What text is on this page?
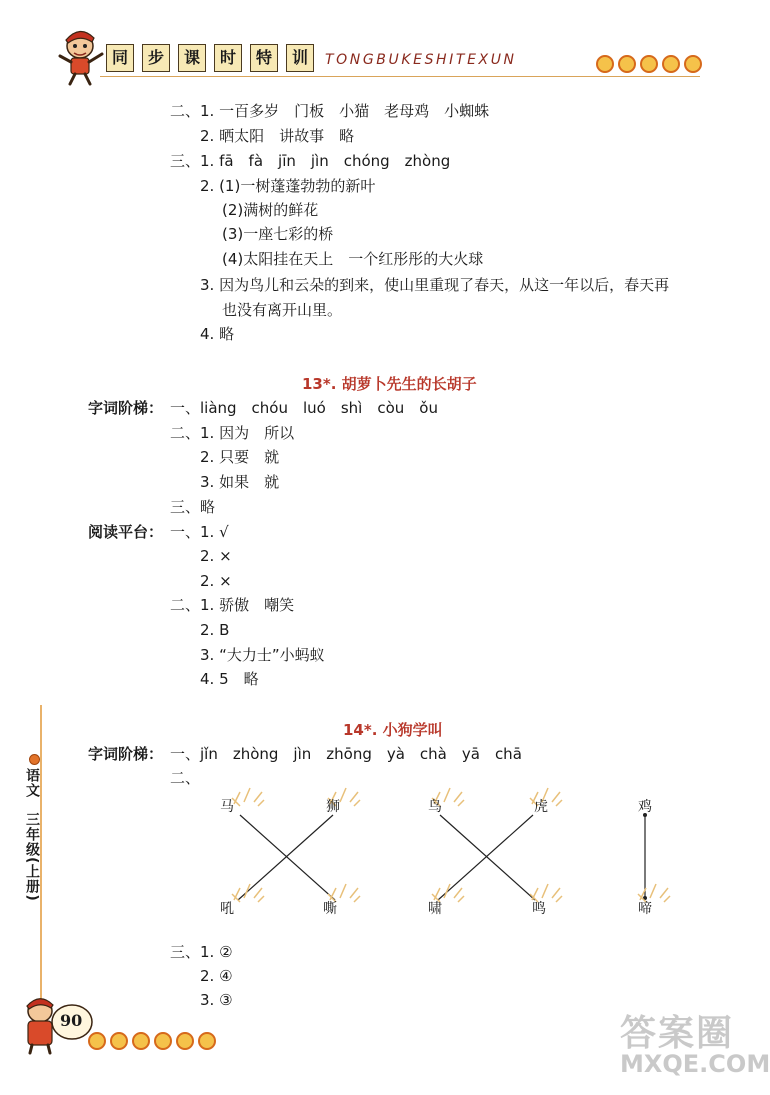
同	步	课	时	特	训	TONGBUKESHITEXUN
二、1. 一百多岁　门板　小猫　老母鸡　小蜘蛛
2. 晒太阳　讲故事　略
三、1. fā　fà　jīn　jìn　chóng　zhòng
2. (1)一树蓬蓬勃勃的新叶
(2)满树的鲜花
(3)一座七彩的桥
(4)太阳挂在天上　一个红彤彤的大火球
3. 因为鸟儿和云朵的到来，使山里重现了春天，从这一年以后，春天再
也没有离开山里。
4. 略
13*. 胡萝卜先生的长胡子
字词阶梯： 一、liàng　chóu　luó　shì　còu　ǒu
二、1. 因为　所以
2. 只要　就
3. 如果　就
三、略
阅读平台： 一、1. √
2. ×
2. ×
二、1. 骄傲　嘲笑
2. B
3. “大力士”小蚂蚁
4. 5　略
14*. 小狗学叫
字词阶梯： 一、jǐn　zhòng　jìn　zhōng　yà　chà　yā　chā
二、
马	狮	鸟	虎	鸡
吼	嘶	啸	鸣	啼
三、1. ②
2. ④
3. ③
语文
三年级(上册)
90	答案圈
MXQE.COM
